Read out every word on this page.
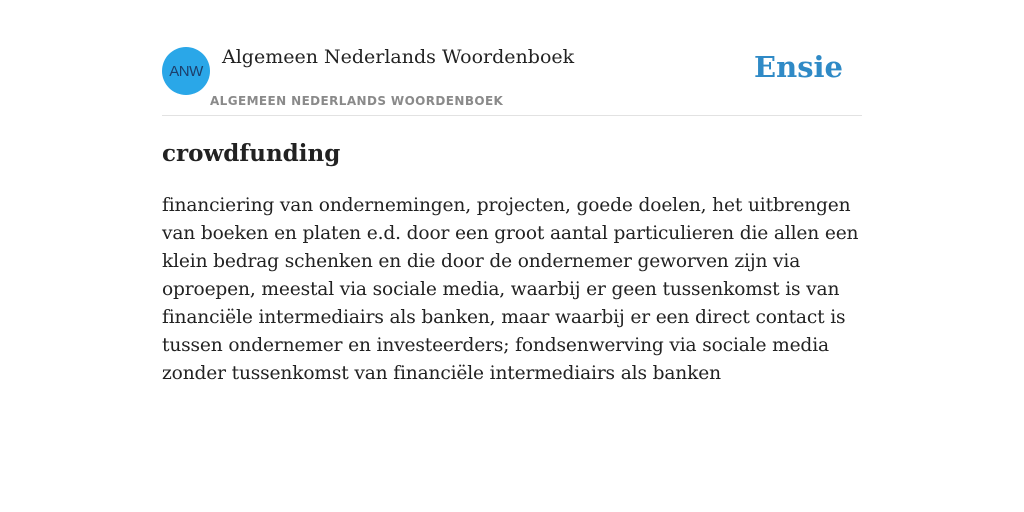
ANW
Algemeen Nederlands Woordenboek
ALGEMEEN NEDERLANDS WOORDENBOEK
Ensie
crowdfunding

financiering van ondernemingen, projecten, goede doelen, het uitbrengen van boeken en platen e.d. door een groot aantal particulieren die allen een klein bedrag schenken en die door de ondernemer geworven zijn via oproepen, meestal via sociale media, waarbij er geen tussenkomst is van financiële intermediairs als banken, maar waarbij er een direct contact is tussen ondernemer en investeerders; fondsenwerving via sociale media zonder tussenkomst van financiële intermediairs als banken
